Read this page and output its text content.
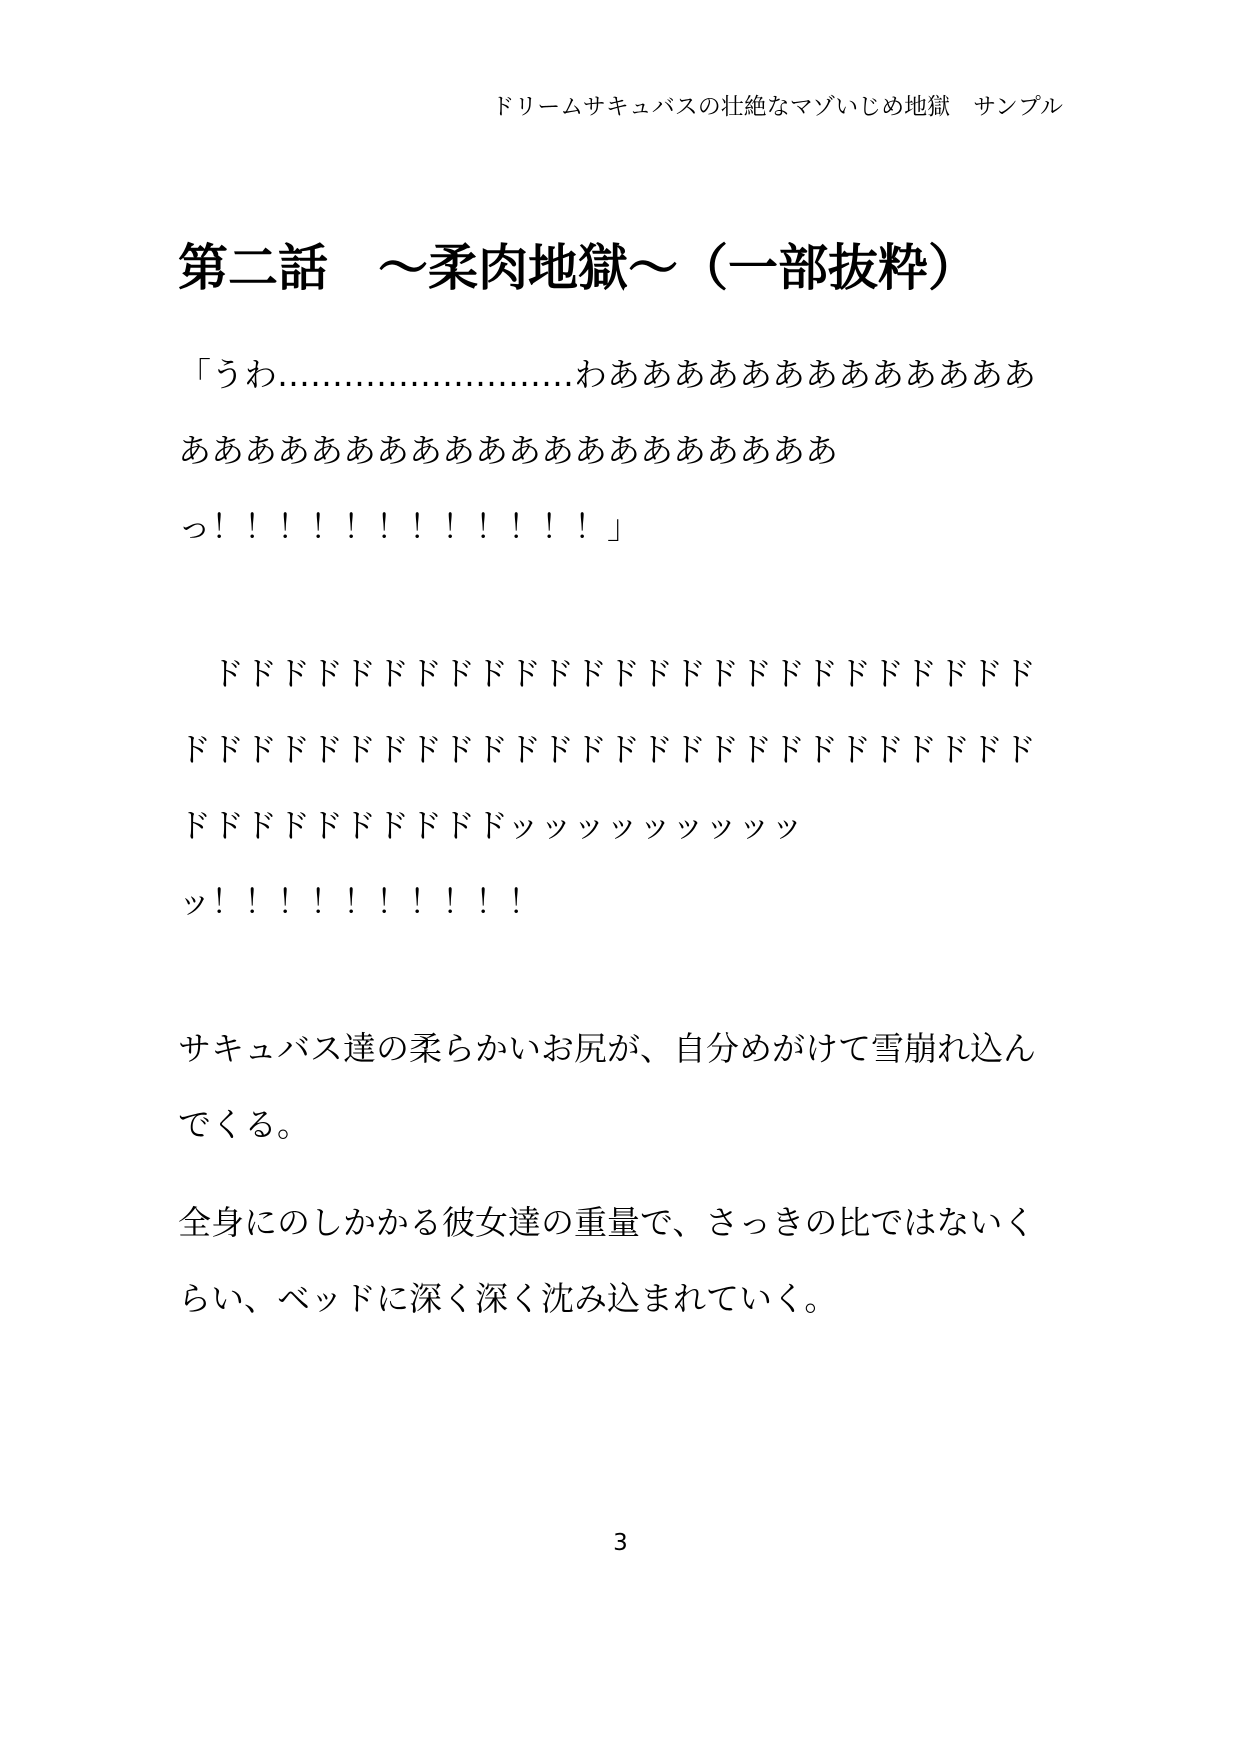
ドリームサキュバスの壮絶なマゾいじめ地獄　サンプル
第二話　～柔肉地獄～（一部抜粋）
「うわ………………………わあああああああああああああ
ああああああああああああああああああああ
っ！！！！！！！！！！！！」
　ドドドドドドドドドドドドドドドドドドドドドドドドド
ドドドドドドドドドドドドドドドドドドドドドドドドドド
ドドドドドドドドドドッッッッッッッッッ
ッ！！！！！！！！！！
サキュバス達の柔らかいお尻が、自分めがけて雪崩れ込ん
でくる。
全身にのしかかる彼女達の重量で、さっきの比ではないく
らい、ベッドに深く深く沈み込まれていく。
3
